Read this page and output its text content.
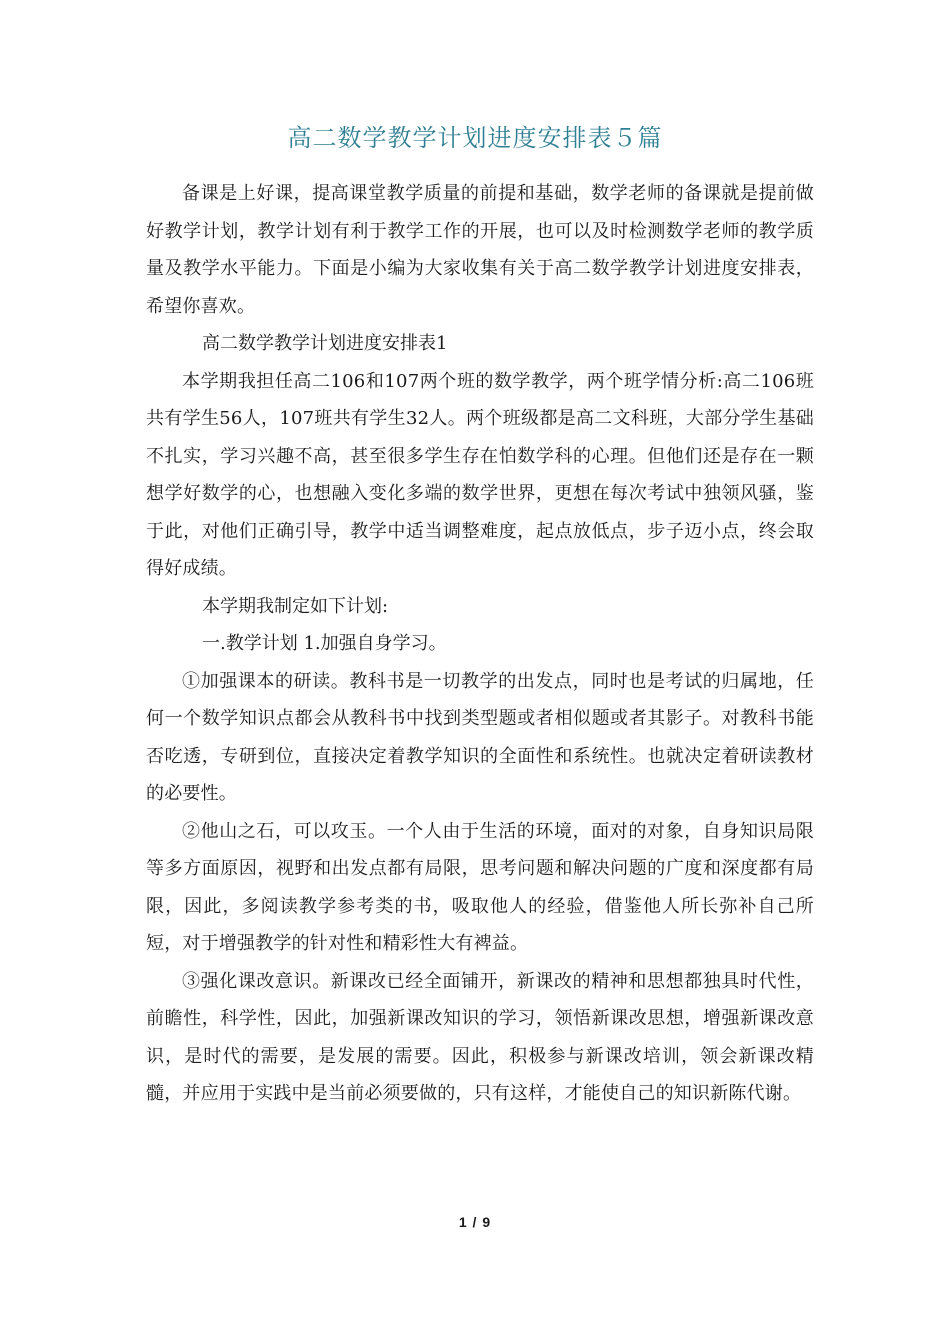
高二数学教学计划进度安排表５篇

备课是上好课，提高课堂教学质量的前提和基础，数学老师的备课就是提前做好教学计划，教学计划有利于教学工作的开展，也可以及时检测数学老师的教学质量及教学水平能力。下面是小编为大家收集有关于高二数学教学计划进度安排表，希望你喜欢。

高二数学教学计划进度安排表1

本学期我担任高二106和107两个班的数学教学，两个班学情分析:高二106班共有学生56人，107班共有学生32人。两个班级都是高二文科班，大部分学生基础不扎实，学习兴趣不高，甚至很多学生存在怕数学科的心理。但他们还是存在一颗想学好数学的心，也想融入变化多端的数学世界，更想在每次考试中独领风骚，鉴于此，对他们正确引导，教学中适当调整难度，起点放低点，步子迈小点，终会取得好成绩。

本学期我制定如下计划:

一.教学计划 1.加强自身学习。

①加强课本的研读。教科书是一切教学的出发点，同时也是考试的归属地，任何一个数学知识点都会从教科书中找到类型题或者相似题或者其影子。对教科书能否吃透，专研到位，直接决定着教学知识的全面性和系统性。也就决定着研读教材的必要性。

②他山之石，可以攻玉。一个人由于生活的环境，面对的对象，自身知识局限等多方面原因，视野和出发点都有局限，思考问题和解决问题的广度和深度都有局限，因此，多阅读教学参考类的书，吸取他人的经验，借鉴他人所长弥补自己所短，对于增强教学的针对性和精彩性大有裨益。

③强化课改意识。新课改已经全面铺开，新课改的精神和思想都独具时代性，前瞻性，科学性，因此，加强新课改知识的学习，领悟新课改思想，增强新课改意识，是时代的需要，是发展的需要。因此，积极参与新课改培训，领会新课改精髓，并应用于实践中是当前必须要做的，只有这样，才能使自己的知识新陈代谢。

1 / 9
